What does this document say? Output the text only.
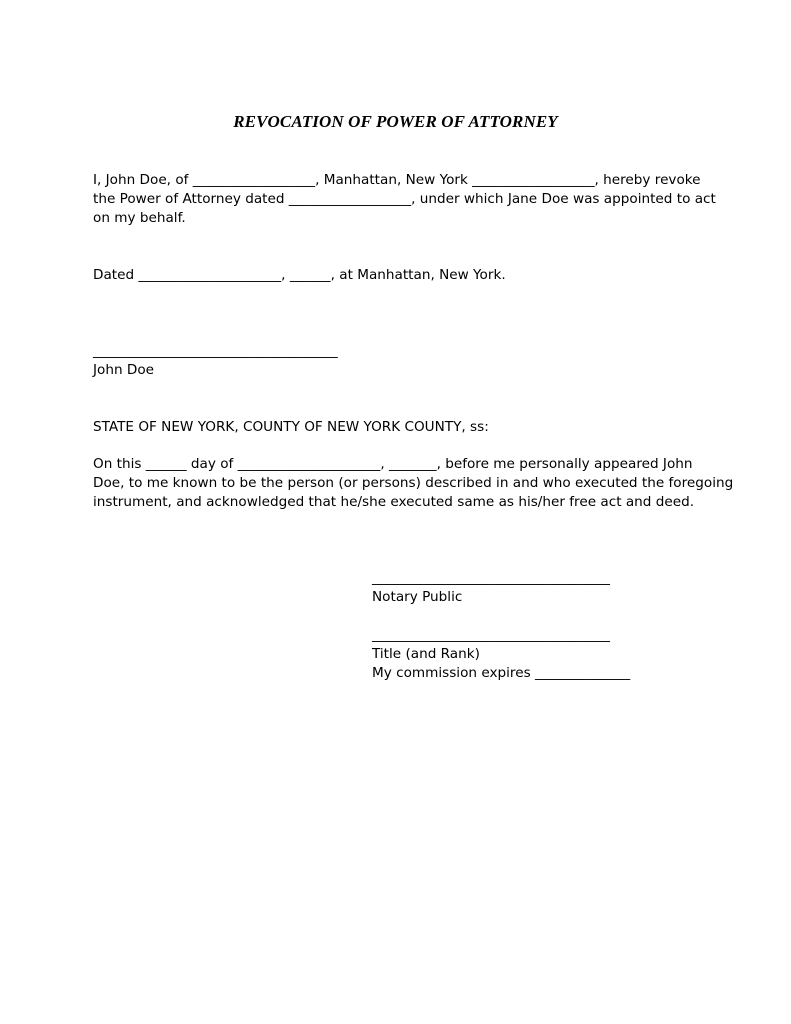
REVOCATION OF POWER OF ATTORNEY
I, John Doe, of __________________, Manhattan, New York __________________, hereby revoke
the Power of Attorney dated __________________, under which Jane Doe was appointed to act
on my behalf.
Dated _____________________, ______, at Manhattan, New York.
____________________________________
John Doe
STATE OF NEW YORK, COUNTY OF NEW YORK COUNTY, ss:
On this ______ day of _____________________, _______, before me personally appeared John
Doe, to me known to be the person (or persons) described in and who executed the foregoing
instrument, and acknowledged that he/she executed same as his/her free act and deed.
___________________________________
Notary Public
___________________________________
Title (and Rank)
My commission expires ______________
